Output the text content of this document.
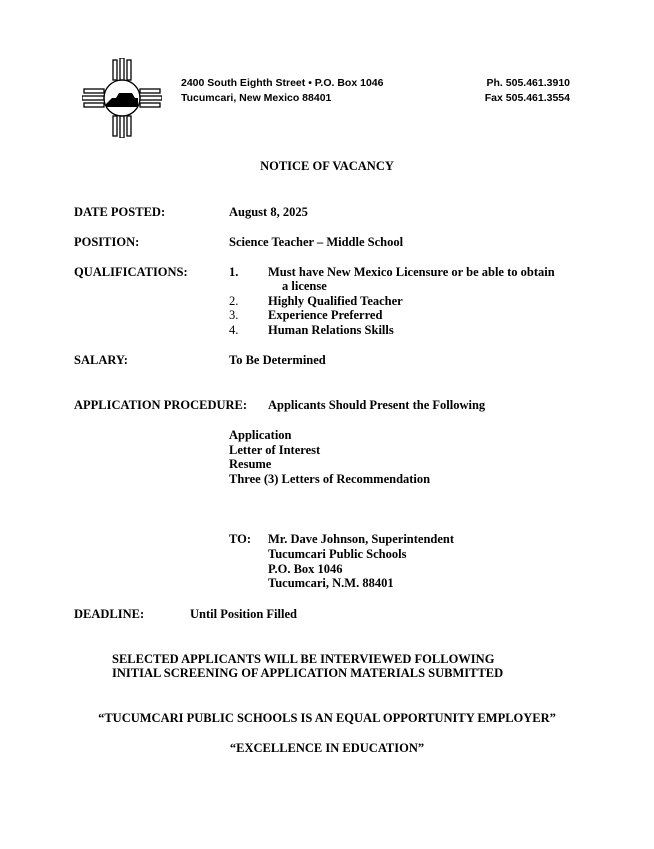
2400 South Eighth Street • P.O. Box 1046
Tucumcari, New Mexico 88401
Ph. 505.461.3910
Fax 505.461.3554
NOTICE OF VACANCY
DATE POSTED:	August 8, 2025
POSITION:	Science Teacher – Middle School
QUALIFICATIONS:	1. Must have New Mexico Licensure or be able to obtain
a license
2. Highly Qualified Teacher
3. Experience Preferred
4. Human Relations Skills
SALARY:	To Be Determined
APPLICATION PROCEDURE: Applicants Should Present the Following
Application
Letter of Interest
Resume
Three (3) Letters of Recommendation
TO: Mr. Dave Johnson, Superintendent
Tucumcari Public Schools
P.O. Box 1046
Tucumcari, N.M. 88401
DEADLINE:	Until Position Filled
SELECTED APPLICANTS WILL BE INTERVIEWED FOLLOWING
INITIAL SCREENING OF APPLICATION MATERIALS SUBMITTED
“TUCUMCARI PUBLIC SCHOOLS IS AN EQUAL OPPORTUNITY EMPLOYER”
“EXCELLENCE IN EDUCATION”
